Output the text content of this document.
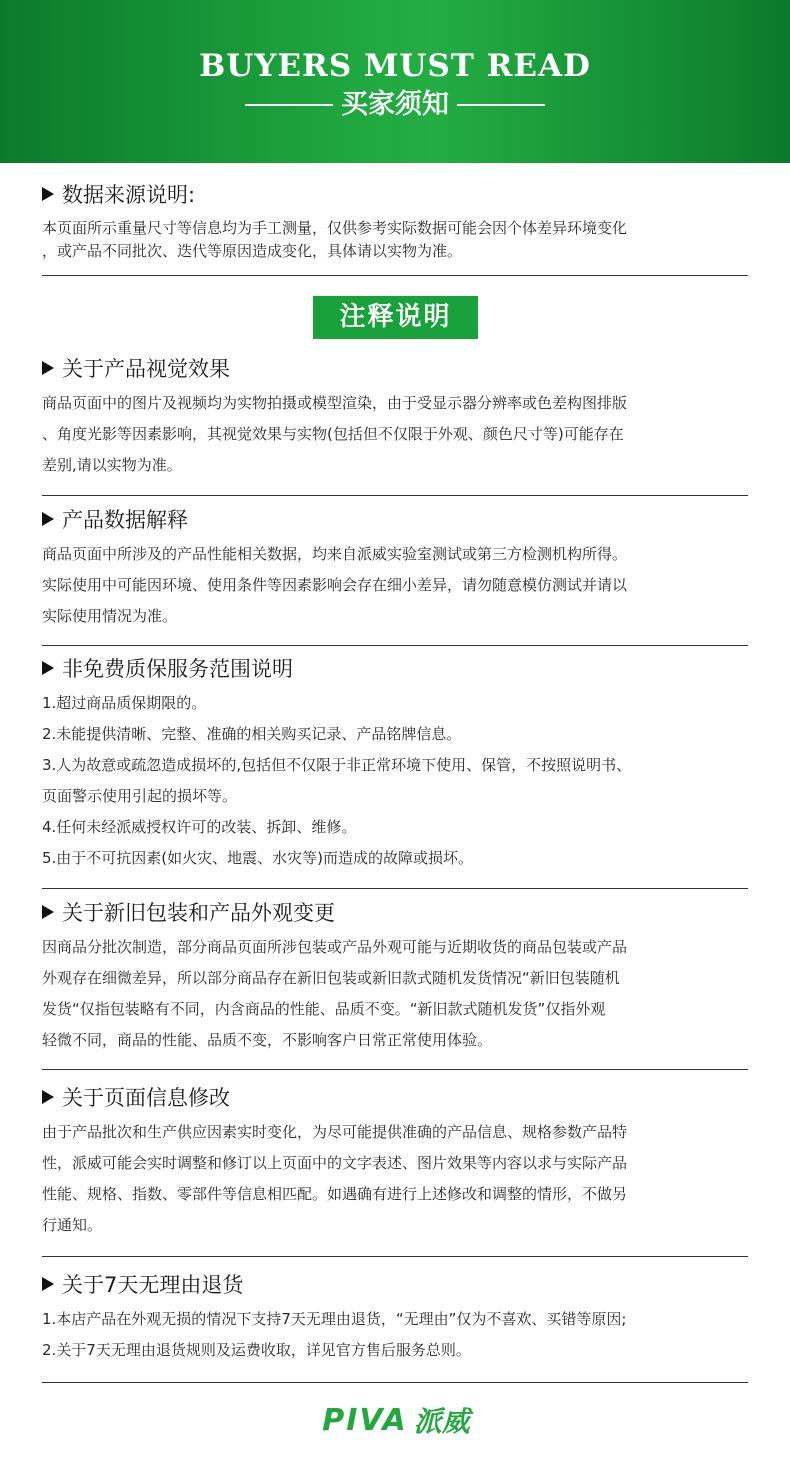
BUYERS MUST READ
买家须知
数据来源说明:
本页面所示重量尺寸等信息均为手工测量，仅供参考实际数据可能会因个体差异环境变化
，或产品不同批次、迭代等原因造成变化，具体请以实物为准。
注释说明
关于产品视觉效果
商品页面中的图片及视频均为实物拍摄或模型渲染，由于受显示器分辨率或色差构图排版
、角度光影等因素影响，其视觉效果与实物(包括但不仅限于外观、颜色尺寸等)可能存在
差别,请以实物为准。
产品数据解释
商品页面中所涉及的产品性能相关数据，均来自派威实验室测试或第三方检测机构所得。
实际使用中可能因环境、使用条件等因素影响会存在细小差异，请勿随意模仿测试并请以
实际使用情况为准。
非免费质保服务范围说明
1.超过商品质保期限的。
2.未能提供清晰、完整、准确的相关购买记录、产品铭牌信息。
3.人为故意或疏忽造成损坏的,包括但不仅限于非正常环境下使用、保管，不按照说明书、
页面警示使用引起的损坏等。
4.任何未经派威授权许可的改装、拆卸、维修。
5.由于不可抗因素(如火灾、地震、水灾等)而造成的故障或损坏。
关于新旧包装和产品外观变更
因商品分批次制造，部分商品页面所涉包装或产品外观可能与近期收货的商品包装或产品
外观存在细微差异，所以部分商品存在新旧包装或新旧款式随机发货情况“新旧包装随机
发货“仅指包装略有不同，内含商品的性能、品质不变。“新旧款式随机发货”仅指外观
轻微不同，商品的性能、品质不变，不影响客户日常正常使用体验。
关于页面信息修改
由于产品批次和生产供应因素实时变化，为尽可能提供准确的产品信息、规格参数产品特
性，派威可能会实时调整和修订以上页面中的文字表述、图片效果等内容以求与实际产品
性能、规格、指数、零部件等信息相匹配。如遇确有进行上述修改和调整的情形，不做另
行通知。
关于7天无理由退货
1.本店产品在外观无损的情况下支持7天无理由退货，“无理由”仅为不喜欢、买错等原因;
2.关于7天无理由退货规则及运费收取，详见官方售后服务总则。
PIVA 派威
